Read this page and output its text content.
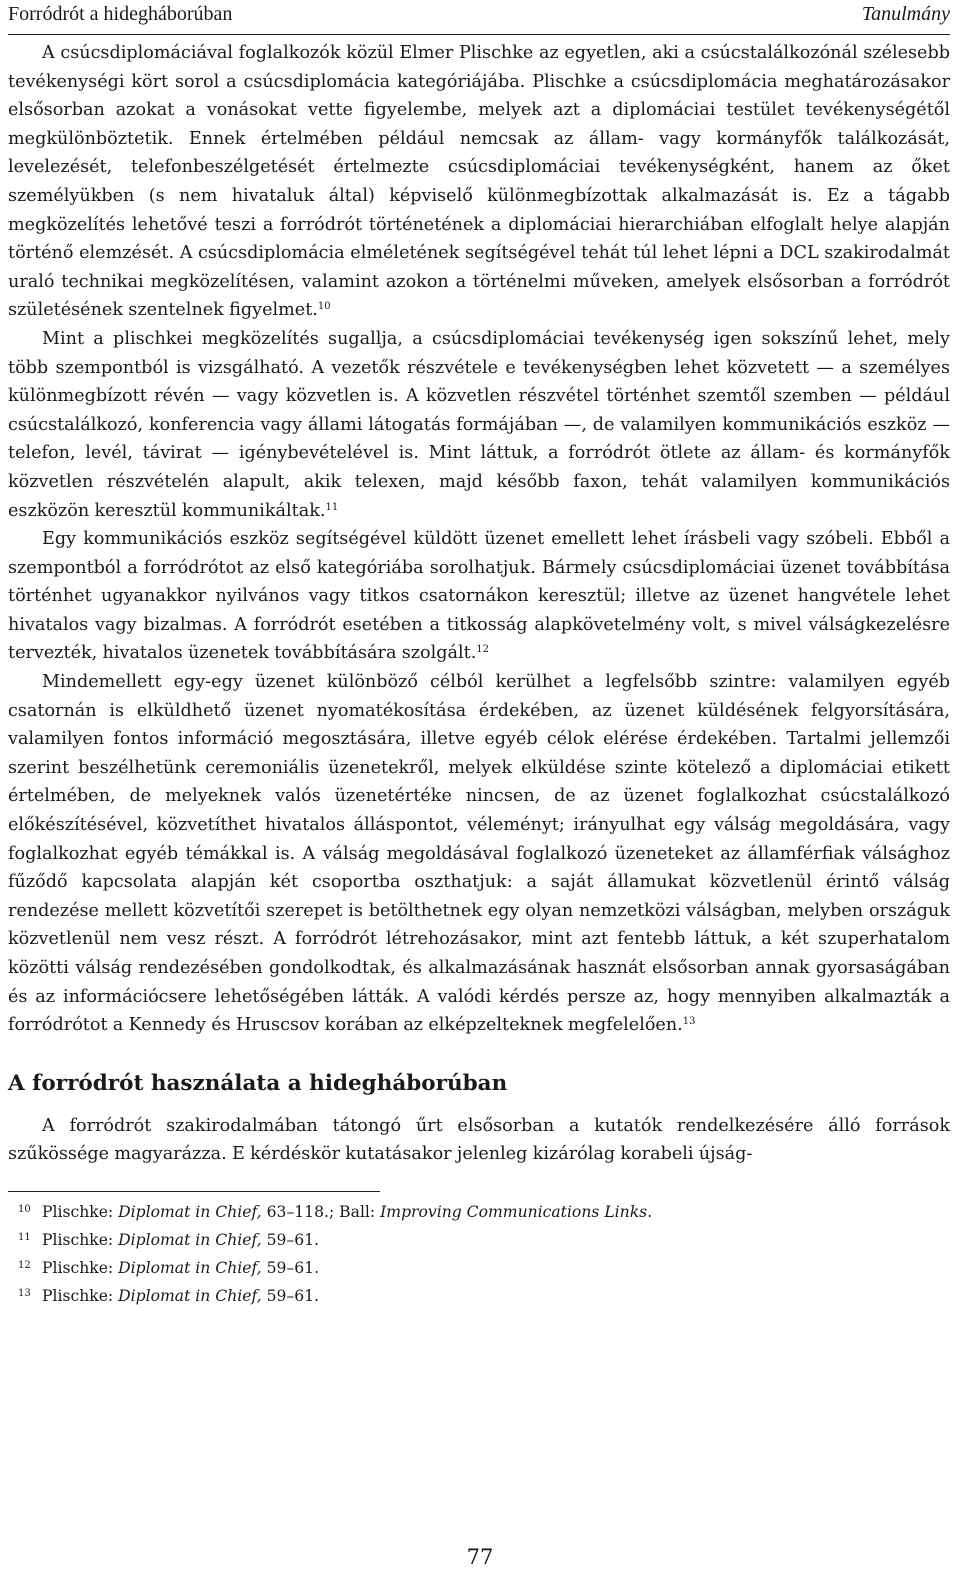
Forródrót a hidegháborúban	Tanulmány

A csúcsdiplomáciával foglalkozók közül Elmer Plischke az egyetlen, aki a csúcstalálkozónál szélesebb tevékenységi kört sorol a csúcsdiplomácia kategóriájába. Plischke a csúcsdiplomácia meghatározásakor elsősorban azokat a vonásokat vette figyelembe, melyek azt a diplomáciai testület tevékenységétől megkülönböztetik. Ennek értelmében például nemcsak az állam- vagy kormányfők találkozását, levelezését, telefonbeszélgetését értelmezte csúcsdiplomáciai tevékenységként, hanem az őket személyükben (s nem hivataluk által) képviselő különmegbízottak alkalmazását is. Ez a tágabb megközelítés lehetővé teszi a forródrót történetének a diplomáciai hierarchiában elfoglalt helye alapján történő elemzését. A csúcsdiplomácia elméletének segítségével tehát túl lehet lépni a DCL szakirodalmát uraló technikai megközelítésen, valamint azokon a történelmi műveken, amelyek elsősorban a forródrót születésének szentelnek figyelmet.$^{10}$

Mint a plischkei megközelítés sugallja, a csúcsdiplomáciai tevékenység igen sokszínű lehet, mely több szempontból is vizsgálható. A vezetők részvétele e tevékenységben lehet közvetett — a személyes különmegbízott révén — vagy közvetlen is. A közvetlen részvétel történhet szemtől szemben — például csúcstalálkozó, konferencia vagy állami látogatás formájában —, de valamilyen kommunikációs eszköz — telefon, levél, távirat — igénybevételével is. Mint láttuk, a forródrót ötlete az állam- és kormányfők közvetlen részvételén alapult, akik telexen, majd később faxon, tehát valamilyen kommunikációs eszközön keresztül kommunikáltak.$^{11}$

Egy kommunikációs eszköz segítségével küldött üzenet emellett lehet írásbeli vagy szóbeli. Ebből a szempontból a forródrótot az első kategóriába sorolhatjuk. Bármely csúcsdiplomáciai üzenet továbbítása történhet ugyanakkor nyilvános vagy titkos csatornákon keresztül; illetve az üzenet hangvétele lehet hivatalos vagy bizalmas. A forródrót esetében a titkosság alapkövetelmény volt, s mivel válságkezelésre tervezték, hivatalos üzenetek továbbítására szolgált.$^{12}$

Mindemellett egy-egy üzenet különböző célból kerülhet a legfelsőbb szintre: valamilyen egyéb csatornán is elküldhető üzenet nyomatékosítása érdekében, az üzenet küldésének felgyorsítására, valamilyen fontos információ megosztására, illetve egyéb célok elérése érdekében. Tartalmi jellemzői szerint beszélhetünk ceremoniális üzenetekről, melyek elküldése szinte kötelező a diplomáciai etikett értelmében, de melyeknek valós üzenetértéke nincsen, de az üzenet foglalkozhat csúcstalálkozó előkészítésével, közvetíthet hivatalos álláspontot, véleményt; irányulhat egy válság megoldására, vagy foglalkozhat egyéb témákkal is. A válság megoldásával foglalkozó üzeneteket az államférfiak válsághoz fűződő kapcsolata alapján két csoportba oszthatjuk: a saját államukat közvetlenül érintő válság rendezése mellett közvetítői szerepet is betölthetnek egy olyan nemzetközi válságban, melyben országuk közvetlenül nem vesz részt. A forródrót létrehozásakor, mint azt fentebb láttuk, a két szuperhatalom közötti válság rendezésében gondolkodtak, és alkalmazásának hasznát elsősorban annak gyorsaságában és az információcsere lehetőségében látták. A valódi kérdés persze az, hogy mennyiben alkalmazták a forródrótot a Kennedy és Hruscsov korában az elképzelteknek megfelelően.$^{13}$

A forródrót használata a hidegháborúban

A forródrót szakirodalmában tátongó űrt elsősorban a kutatók rendelkezésére álló források szűkössége magyarázza. E kérdéskör kutatásakor jelenleg kizárólag korabeli újság-

10 Plischke: Diplomat in Chief, 63–118.; Ball: Improving Communications Links.
11 Plischke: Diplomat in Chief, 59–61.
12 Plischke: Diplomat in Chief, 59–61.
13 Plischke: Diplomat in Chief, 59–61.
77
